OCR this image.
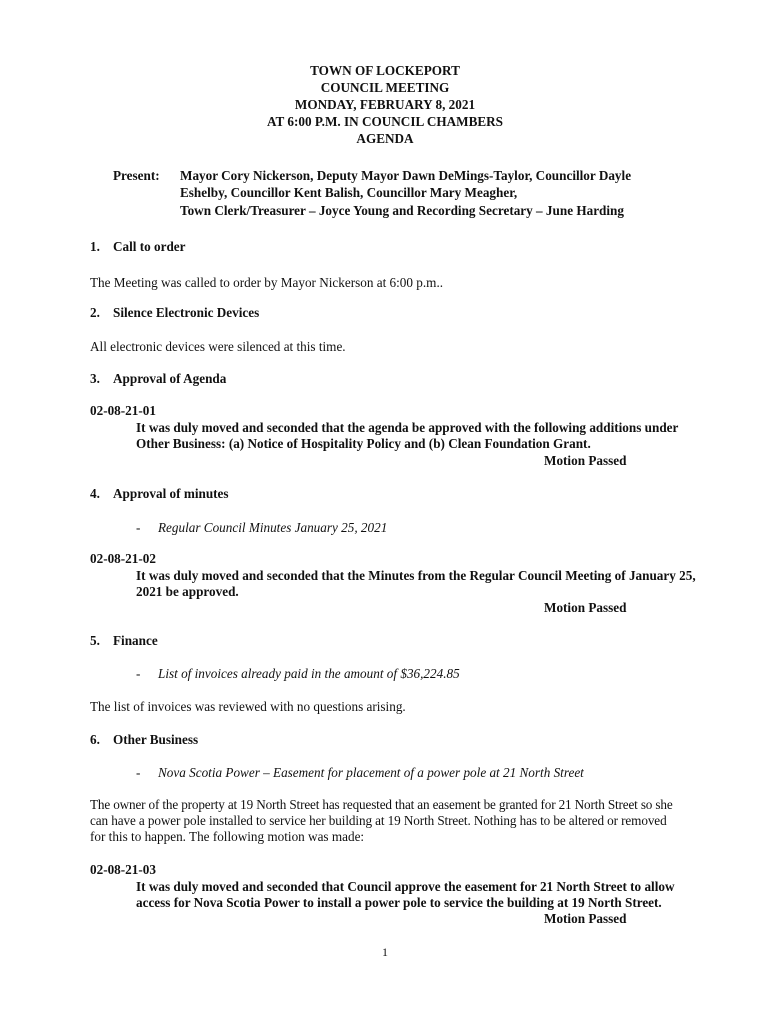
TOWN OF LOCKEPORT
COUNCIL MEETING
MONDAY, FEBRUARY 8, 2021
AT 6:00 P.M. IN COUNCIL CHAMBERS
AGENDA
Present: Mayor Cory Nickerson, Deputy Mayor Dawn DeMings-Taylor, Councillor Dayle
Eshelby, Councillor Kent Balish, Councillor Mary Meagher,
Town Clerk/Treasurer – Joyce Young and Recording Secretary – June Harding
1. Call to order
The Meeting was called to order by Mayor Nickerson at 6:00 p.m..
2. Silence Electronic Devices
All electronic devices were silenced at this time.
3. Approval of Agenda
02-08-21-01
It was duly moved and seconded that the agenda be approved with the following additions under
Other Business: (a) Notice of Hospitality Policy and (b) Clean Foundation Grant.
Motion Passed
4. Approval of minutes
- Regular Council Minutes January 25, 2021
02-08-21-02
It was duly moved and seconded that the Minutes from the Regular Council Meeting of January 25,
2021 be approved.
Motion Passed
5. Finance
- List of invoices already paid in the amount of $36,224.85
The list of invoices was reviewed with no questions arising.
6. Other Business
- Nova Scotia Power – Easement for placement of a power pole at 21 North Street
The owner of the property at 19 North Street has requested that an easement be granted for 21 North Street so she
can have a power pole installed to service her building at 19 North Street. Nothing has to be altered or removed
for this to happen. The following motion was made:
02-08-21-03
It was duly moved and seconded that Council approve the easement for 21 North Street to allow
access for Nova Scotia Power to install a power pole to service the building at 19 North Street.
Motion Passed
1
